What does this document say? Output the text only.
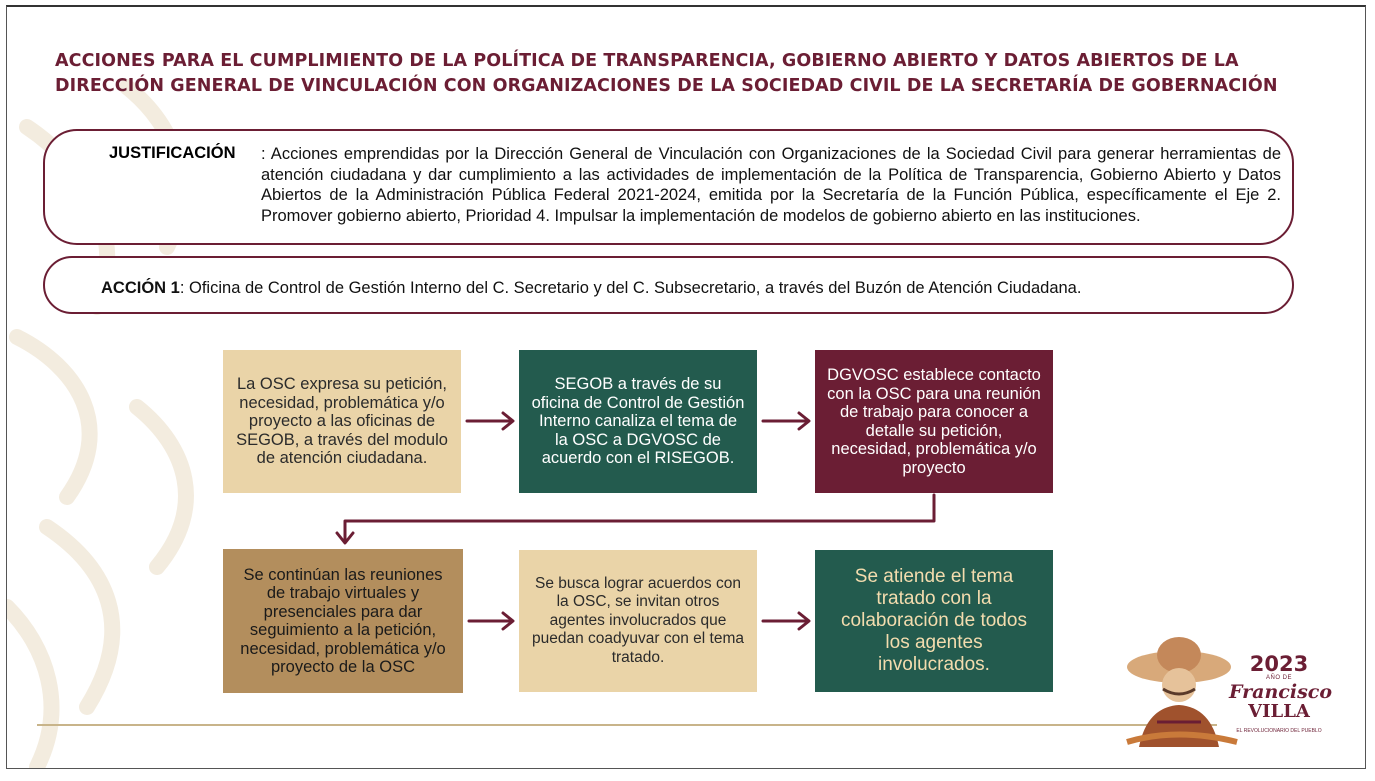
ACCIONES PARA EL CUMPLIMIENTO DE LA POLÍTICA DE TRANSPARENCIA, GOBIERNO ABIERTO Y DATOS ABIERTOS DE LA DIRECCIÓN GENERAL DE VINCULACIÓN CON ORGANIZACIONES DE LA SOCIEDAD CIVIL DE LA SECRETARÍA DE GOBERNACIÓN
JUSTIFICACIÓN : Acciones emprendidas por la Dirección General de Vinculación con Organizaciones de la Sociedad Civil para generar herramientas de atención ciudadana y dar cumplimiento a las actividades de implementación de la Política de Transparencia, Gobierno Abierto y Datos Abiertos de la Administración Pública Federal 2021-2024, emitida por la Secretaría de la Función Pública, específicamente el Eje 2. Promover gobierno abierto, Prioridad 4. Impulsar la implementación de modelos de gobierno abierto en las instituciones.

ACCIÓN 1: Oficina de Control de Gestión Interno del C. Secretario y del C. Subsecretario, a través del Buzón de Atención Ciudadana.
La OSC expresa su petición, necesidad, problemática y/o proyecto a las oficinas de SEGOB, a través del modulo de atención ciudadana.
SEGOB a través de su oficina de Control de Gestión Interno canaliza el tema de la OSC a DGVOSC de acuerdo con el RISEGOB.
DGVOSC establece contacto con la OSC para una reunión de trabajo para conocer a detalle su petición, necesidad, problemática y/o proyecto
Se continúan las reuniones de trabajo virtuales y presenciales para dar seguimiento a la petición, necesidad, problemática y/o proyecto de la OSC
Se busca lograr acuerdos con la OSC, se invitan otros agentes involucrados que puedan coadyuvar con el tema tratado.
Se atiende el tema tratado con la colaboración de todos los agentes involucrados.	2023
AÑO DE
Francisco
VILLA
EL REVOLUCIONARIO DEL PUEBLO
